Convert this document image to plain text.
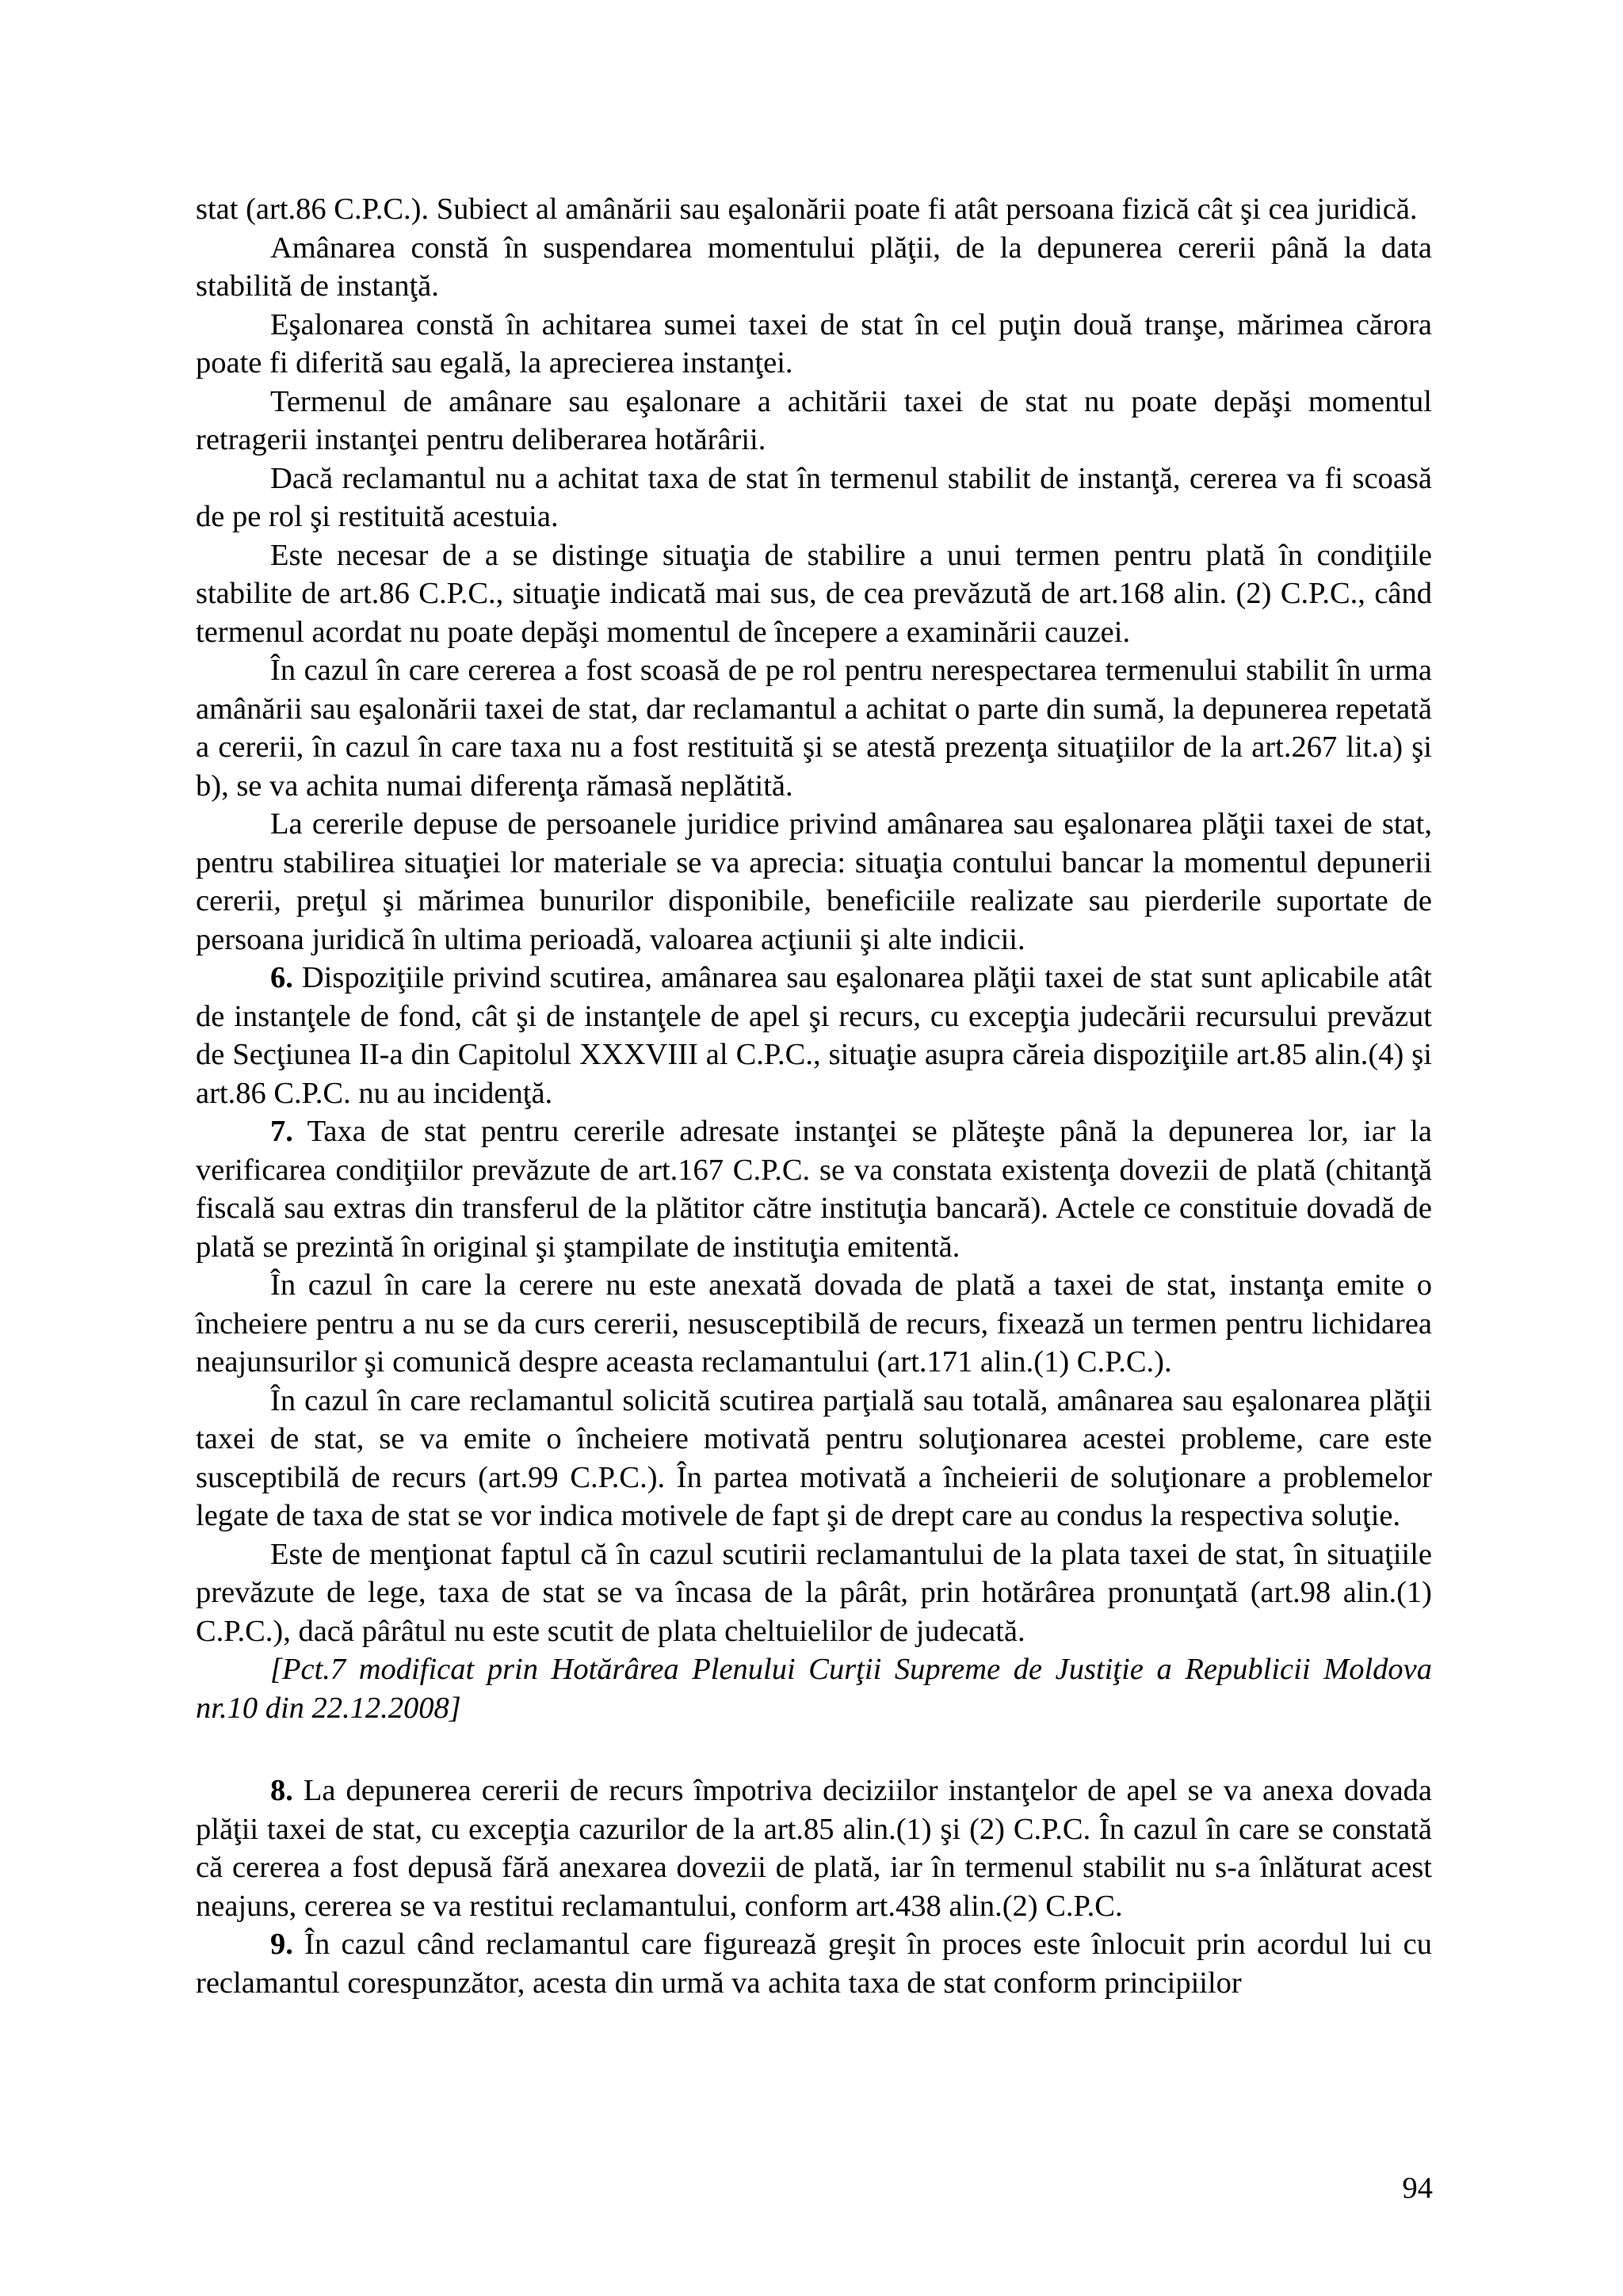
stat (art.86 C.P.C.). Subiect al amânării sau eşalonării poate fi atât persoana fizică cât şi cea juridică.

Amânarea constă în suspendarea momentului plăţii, de la depunerea cererii până la data stabilită de instanţă.

Eşalonarea constă în achitarea sumei taxei de stat în cel puţin două tranşe, mărimea cărora poate fi diferită sau egală, la aprecierea instanţei.

Termenul de amânare sau eşalonare a achitării taxei de stat nu poate depăşi momentul retragerii instanţei pentru deliberarea hotărârii.

Dacă reclamantul nu a achitat taxa de stat în termenul stabilit de instanţă, cererea va fi scoasă de pe rol şi restituită acestuia.

Este necesar de a se distinge situaţia de stabilire a unui termen pentru plată în condiţiile stabilite de art.86 C.P.C., situaţie indicată mai sus, de cea prevăzută de art.168 alin. (2) C.P.C., când termenul acordat nu poate depăşi momentul de începere a examinării cauzei.

În cazul în care cererea a fost scoasă de pe rol pentru nerespectarea termenului stabilit în urma amânării sau eşalonării taxei de stat, dar reclamantul a achitat o parte din sumă, la depunerea repetată a cererii, în cazul în care taxa nu a fost restituită şi se atestă prezenţa situaţiilor de la art.267 lit.a) şi b), se va achita numai diferenţa rămasă neplătită.

La cererile depuse de persoanele juridice privind amânarea sau eşalonarea plăţii taxei de stat, pentru stabilirea situaţiei lor materiale se va aprecia: situaţia contului bancar la momentul depunerii cererii, preţul şi mărimea bunurilor disponibile, beneficiile realizate sau pierderile suportate de persoana juridică în ultima perioadă, valoarea acţiunii şi alte indicii.

6. Dispoziţiile privind scutirea, amânarea sau eşalonarea plăţii taxei de stat sunt aplicabile atât de instanţele de fond, cât şi de instanţele de apel şi recurs, cu excepţia judecării recursului prevăzut de Secţiunea II-a din Capitolul XXXVIII al C.P.C., situaţie asupra căreia dispoziţiile art.85 alin.(4) şi art.86 C.P.C. nu au incidenţă.

7. Taxa de stat pentru cererile adresate instanţei se plăteşte până la depunerea lor, iar la verificarea condiţiilor prevăzute de art.167 C.P.C. se va constata existenţa dovezii de plată (chitanţă fiscală sau extras din transferul de la plătitor către instituţia bancară). Actele ce constituie dovadă de plată se prezintă în original şi ştampilate de instituţia emitentă.

În cazul în care la cerere nu este anexată dovada de plată a taxei de stat, instanţa emite o încheiere pentru a nu se da curs cererii, nesusceptibilă de recurs, fixează un termen pentru lichidarea neajunsurilor şi comunică despre aceasta reclamantului (art.171 alin.(1) C.P.C.).

În cazul în care reclamantul solicită scutirea parţială sau totală, amânarea sau eşalonarea plăţii taxei de stat, se va emite o încheiere motivată pentru soluţionarea acestei probleme, care este susceptibilă de recurs (art.99 C.P.C.). În partea motivată a încheierii de soluţionare a problemelor legate de taxa de stat se vor indica motivele de fapt şi de drept care au condus la respectiva soluţie.

Este de menţionat faptul că în cazul scutirii reclamantului de la plata taxei de stat, în situaţiile prevăzute de lege, taxa de stat se va încasa de la pârât, prin hotărârea pronunţată (art.98 alin.(1) C.P.C.), dacă pârâtul nu este scutit de plata cheltuielilor de judecată.

[Pct.7 modificat prin Hotărârea Plenului Curţii Supreme de Justiţie a Republicii Moldova nr.10 din 22.12.2008]

8. La depunerea cererii de recurs împotriva deciziilor instanţelor de apel se va anexa dovada plăţii taxei de stat, cu excepţia cazurilor de la art.85 alin.(1) şi (2) C.P.C. În cazul în care se constată că cererea a fost depusă fără anexarea dovezii de plată, iar în termenul stabilit nu s-a înlăturat acest neajuns, cererea se va restitui reclamantului, conform art.438 alin.(2) C.P.C.

9. În cazul când reclamantul care figurează greşit în proces este înlocuit prin acordul lui cu reclamantul corespunzător, acesta din urmă va achita taxa de stat conform principiilor

94
